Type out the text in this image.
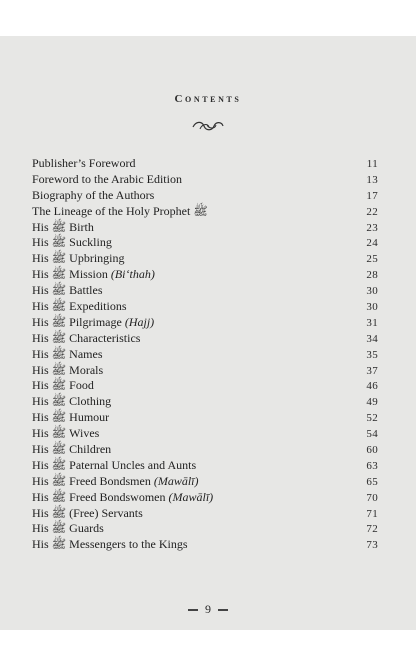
Contents
Publisher’s Foreword	11
Foreword to the Arabic Edition	13
Biography of the Authors	17
The Lineage of the Holy Prophet ﷺ	22
His ﷺ Birth	23
His ﷺ Suckling	24
His ﷺ Upbringing	25
His ﷺ Mission (Bi‘thah)	28
His ﷺ Battles	30
His ﷺ Expeditions	30
His ﷺ Pilgrimage (Hajj)	31
His ﷺ Characteristics	34
His ﷺ Names	35
His ﷺ Morals	37
His ﷺ Food	46
His ﷺ Clothing	49
His ﷺ Humour	52
His ﷺ Wives	54
His ﷺ Children	60
His ﷺ Paternal Uncles and Aunts	63
His ﷺ Freed Bondsmen (Mawālī)	65
His ﷺ Freed Bondswomen (Mawālī)	70
His ﷺ (Free) Servants	71
His ﷺ Guards	72
His ﷺ Messengers to the Kings	73
9
